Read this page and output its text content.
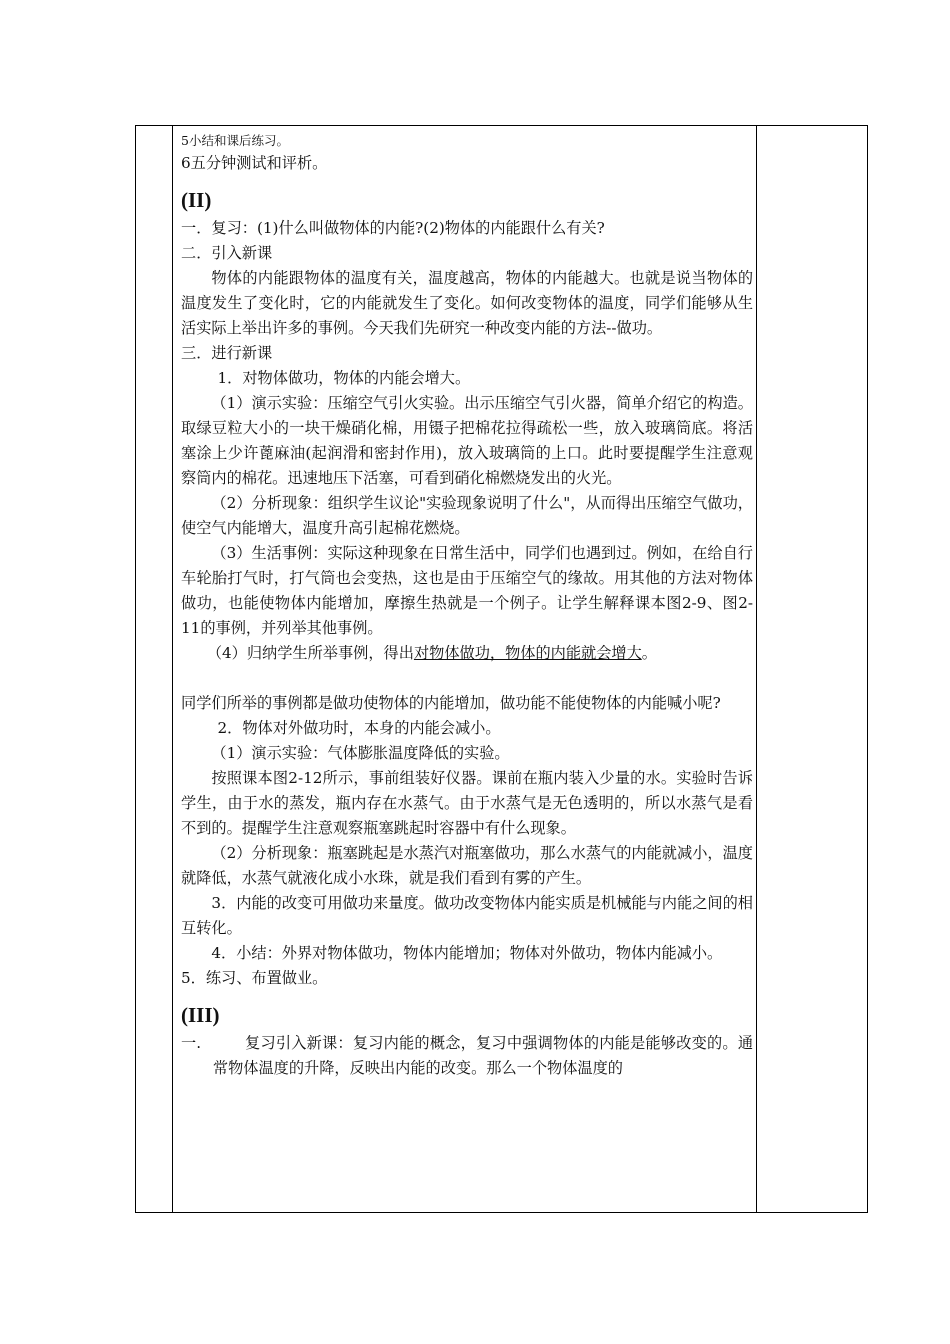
5小结和课后练习。

6五分钟测试和评析。

(II)

一．复习：(1)什么叫做物体的内能?(2)物体的内能跟什么有关?

二．引入新课

物体的内能跟物体的温度有关，温度越高，物体的内能越大。也就是说当物体的温度发生了变化时，它的内能就发生了变化。如何改变物体的温度，同学们能够从生活实际上举出许多的事例。今天我们先研究一种改变内能的方法--做功。

三．进行新课

1．对物体做功，物体的内能会增大。

（1）演示实验：压缩空气引火实验。出示压缩空气引火器，简单介绍它的构造。取绿豆粒大小的一块干燥硝化棉，用镊子把棉花拉得疏松一些，放入玻璃筒底。将活塞涂上少许蓖麻油(起润滑和密封作用)，放入玻璃筒的上口。此时要提醒学生注意观察筒内的棉花。迅速地压下活塞，可看到硝化棉燃烧发出的火光。

（2）分析现象：组织学生议论"实验现象说明了什么"，从而得出压缩空气做功，使空气内能增大，温度升高引起棉花燃烧。

（3）生活事例：实际这种现象在日常生活中，同学们也遇到过。例如，在给自行车轮胎打气时，打气筒也会变热，这也是由于压缩空气的缘故。用其他的方法对物体做功，也能使物体内能增加，摩擦生热就是一个例子。让学生解释课本图2-9、图2-11的事例，并列举其他事例。

（4）归纳学生所举事例，得出对物体做功，物体的内能就会增大。

同学们所举的事例都是做功使物体的内能增加，做功能不能使物体的内能喊小呢?

2．物体对外做功时，本身的内能会减小。

（1）演示实验：气体膨胀温度降低的实验。

按照课本图2-12所示，事前组装好仪器。课前在瓶内装入少量的水。实验时告诉学生，由于水的蒸发，瓶内存在水蒸气。由于水蒸气是无色透明的，所以水蒸气是看不到的。提醒学生注意观察瓶塞跳起时容器中有什么现象。

（2）分析现象：瓶塞跳起是水蒸汽对瓶塞做功，那么水蒸气的内能就减小，温度就降低，水蒸气就液化成小水珠，就是我们看到有雾的产生。

3．内能的改变可用做功来量度。做功改变物体内能实质是机械能与内能之间的相互转化。

4．小结：外界对物体做功，物体内能增加；物体对外做功，物体内能减小。

5．练习、布置做业。

(III)

一.	复习引入新课：复习内能的概念，复习中强调物体的内能是能够改变的。通常物体温度的升降，反映出内能的改变。那么一个物体温度的
